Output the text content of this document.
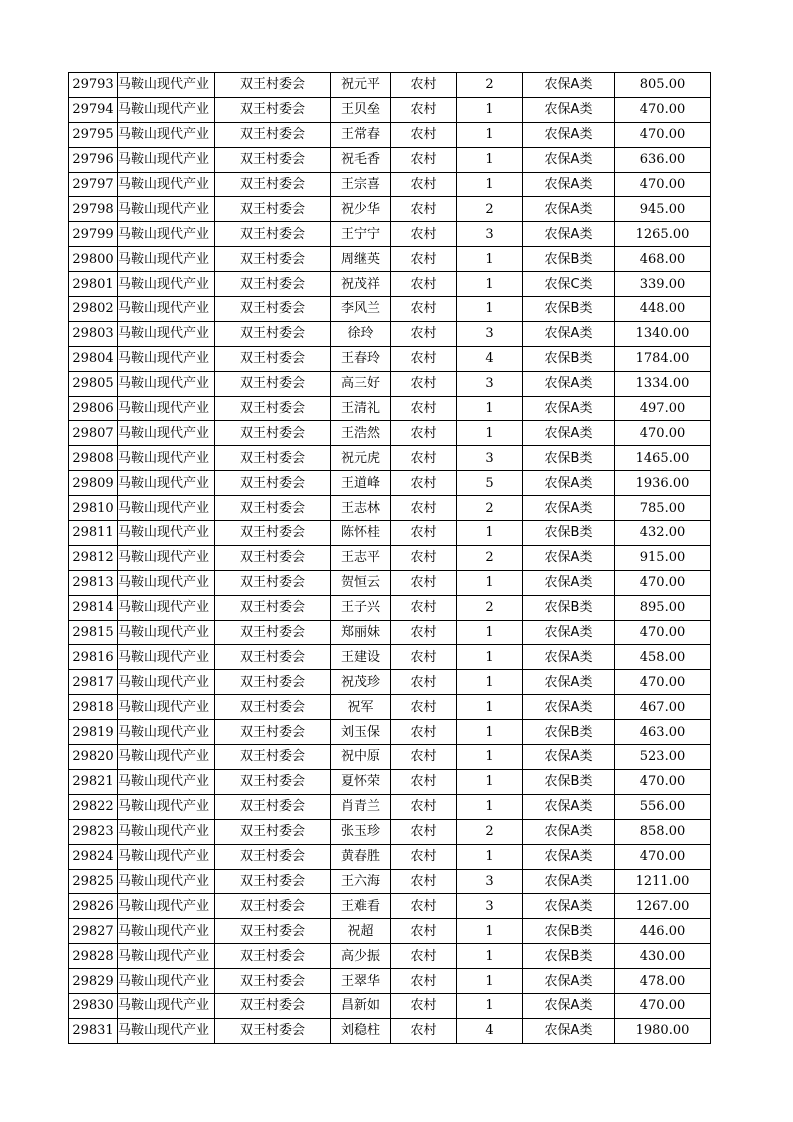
29793	马鞍山现代产业	双王村委会	祝元平	农村	2	农保A类	805.00
29794	马鞍山现代产业	双王村委会	王贝垒	农村	1	农保A类	470.00
29795	马鞍山现代产业	双王村委会	王常春	农村	1	农保A类	470.00
29796	马鞍山现代产业	双王村委会	祝毛香	农村	1	农保A类	636.00
29797	马鞍山现代产业	双王村委会	王宗喜	农村	1	农保A类	470.00
29798	马鞍山现代产业	双王村委会	祝少华	农村	2	农保A类	945.00
29799	马鞍山现代产业	双王村委会	王宁宁	农村	3	农保A类	1265.00
29800	马鞍山现代产业	双王村委会	周继英	农村	1	农保B类	468.00
29801	马鞍山现代产业	双王村委会	祝茂祥	农村	1	农保C类	339.00
29802	马鞍山现代产业	双王村委会	李风兰	农村	1	农保B类	448.00
29803	马鞍山现代产业	双王村委会	徐玲	农村	3	农保A类	1340.00
29804	马鞍山现代产业	双王村委会	王春玲	农村	4	农保B类	1784.00
29805	马鞍山现代产业	双王村委会	高三好	农村	3	农保A类	1334.00
29806	马鞍山现代产业	双王村委会	王清礼	农村	1	农保A类	497.00
29807	马鞍山现代产业	双王村委会	王浩然	农村	1	农保A类	470.00
29808	马鞍山现代产业	双王村委会	祝元虎	农村	3	农保B类	1465.00
29809	马鞍山现代产业	双王村委会	王道峰	农村	5	农保A类	1936.00
29810	马鞍山现代产业	双王村委会	王志林	农村	2	农保A类	785.00
29811	马鞍山现代产业	双王村委会	陈怀桂	农村	1	农保B类	432.00
29812	马鞍山现代产业	双王村委会	王志平	农村	2	农保A类	915.00
29813	马鞍山现代产业	双王村委会	贺恒云	农村	1	农保A类	470.00
29814	马鞍山现代产业	双王村委会	王子兴	农村	2	农保B类	895.00
29815	马鞍山现代产业	双王村委会	郑丽妹	农村	1	农保A类	470.00
29816	马鞍山现代产业	双王村委会	王建设	农村	1	农保A类	458.00
29817	马鞍山现代产业	双王村委会	祝茂珍	农村	1	农保A类	470.00
29818	马鞍山现代产业	双王村委会	祝军	农村	1	农保A类	467.00
29819	马鞍山现代产业	双王村委会	刘玉保	农村	1	农保B类	463.00
29820	马鞍山现代产业	双王村委会	祝中原	农村	1	农保A类	523.00
29821	马鞍山现代产业	双王村委会	夏怀荣	农村	1	农保B类	470.00
29822	马鞍山现代产业	双王村委会	肖青兰	农村	1	农保A类	556.00
29823	马鞍山现代产业	双王村委会	张玉珍	农村	2	农保A类	858.00
29824	马鞍山现代产业	双王村委会	黄春胜	农村	1	农保A类	470.00
29825	马鞍山现代产业	双王村委会	王六海	农村	3	农保A类	1211.00
29826	马鞍山现代产业	双王村委会	王难看	农村	3	农保A类	1267.00
29827	马鞍山现代产业	双王村委会	祝超	农村	1	农保B类	446.00
29828	马鞍山现代产业	双王村委会	高少振	农村	1	农保B类	430.00
29829	马鞍山现代产业	双王村委会	王翠华	农村	1	农保A类	478.00
29830	马鞍山现代产业	双王村委会	昌新如	农村	1	农保A类	470.00
29831	马鞍山现代产业	双王村委会	刘稳柱	农村	4	农保A类	1980.00
